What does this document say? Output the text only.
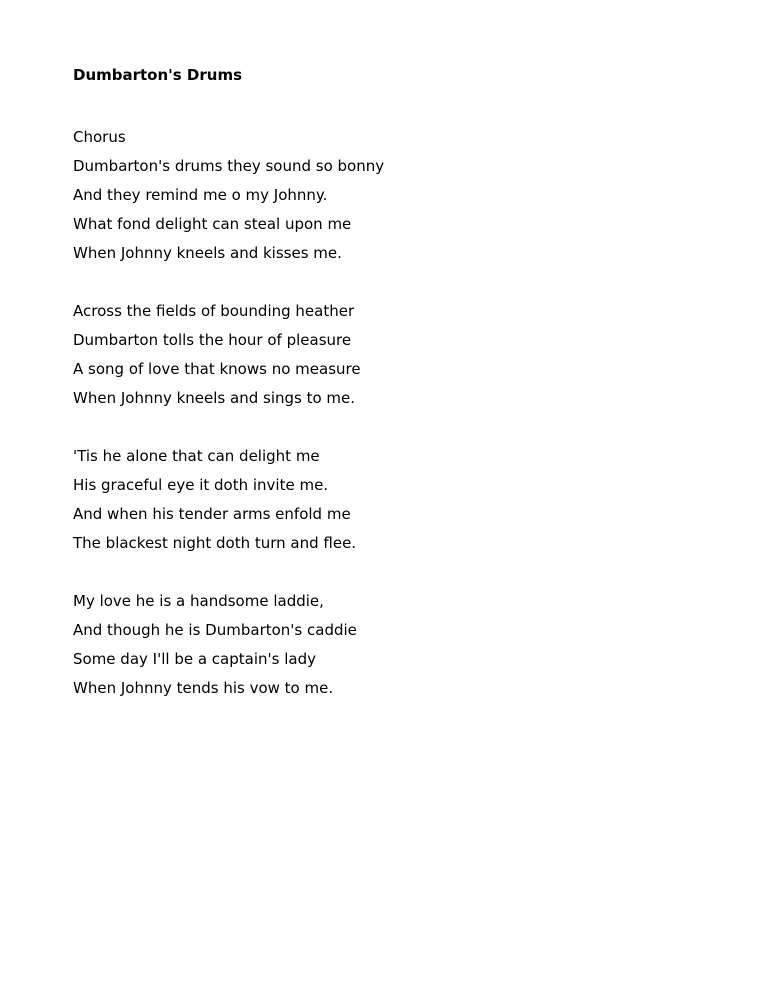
Dumbarton's Drums
Chorus
Dumbarton's drums they sound so bonny
And they remind me o my Johnny.
What fond delight can steal upon me
When Johnny kneels and kisses me.
Across the fields of bounding heather
Dumbarton tolls the hour of pleasure
A song of love that knows no measure
When Johnny kneels and sings to me.
'Tis he alone that can delight me
His graceful eye it doth invite me.
And when his tender arms enfold me
The blackest night doth turn and flee.
My love he is a handsome laddie,
And though he is Dumbarton's caddie
Some day I'll be a captain's lady
When Johnny tends his vow to me.
